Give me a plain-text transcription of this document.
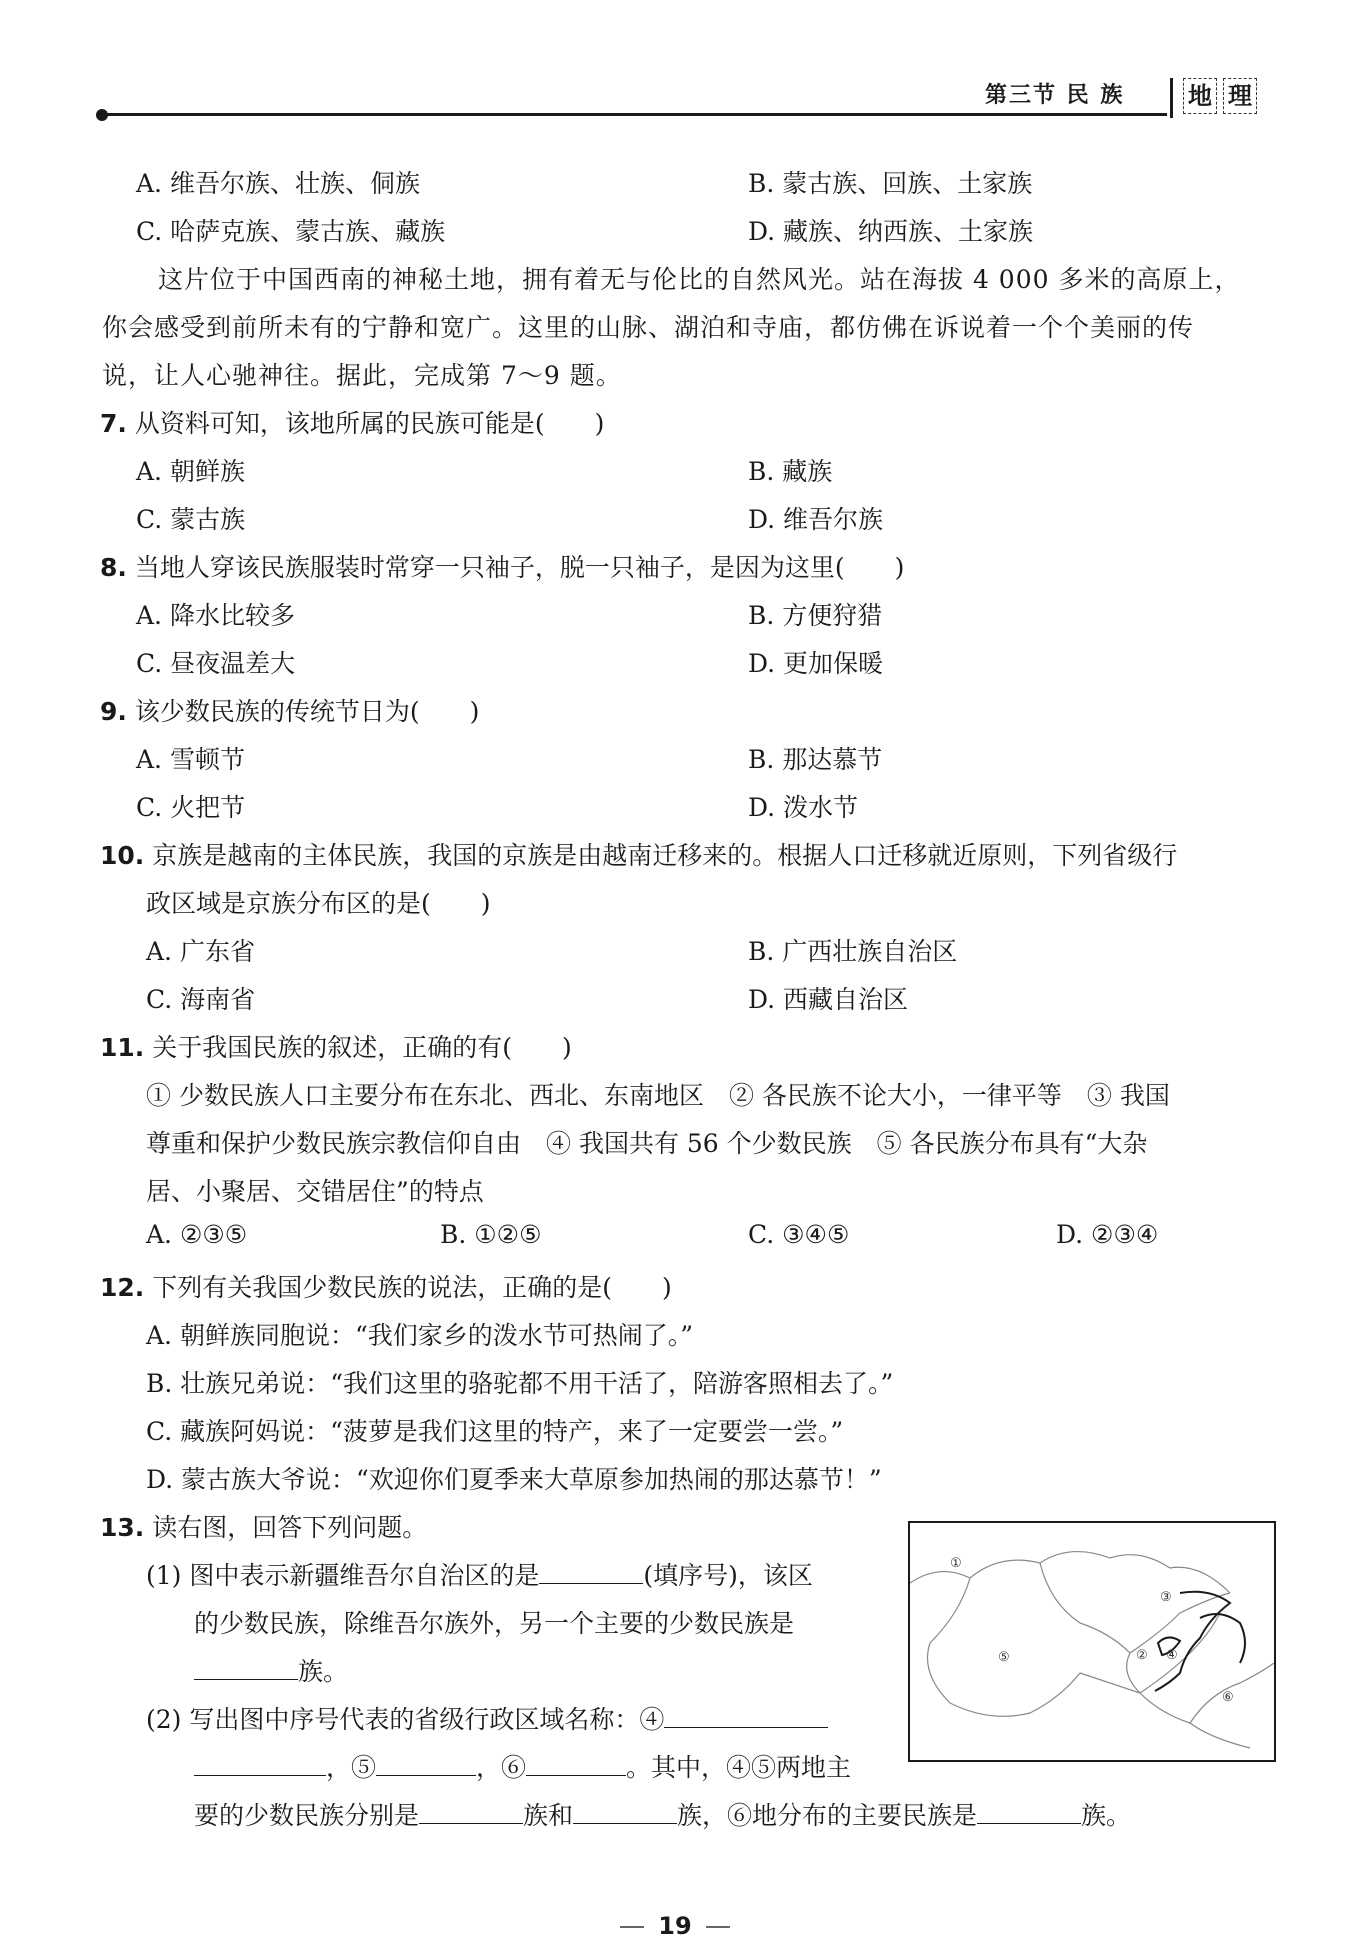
第三节 民 族	地 理
A. 维吾尔族、壮族、侗族	B. 蒙古族、回族、土家族
C. 哈萨克族、蒙古族、藏族	D. 藏族、纳西族、土家族
这片位于中国西南的神秘土地，拥有着无与伦比的自然风光。站在海拔 4 000 多米的高原上，
你会感受到前所未有的宁静和宽广。这里的山脉、湖泊和寺庙，都仿佛在诉说着一个个美丽的传
说，让人心驰神往。据此，完成第 7～9 题。
7. 从资料可知，该地所属的民族可能是(　　)
A. 朝鲜族	B. 藏族
C. 蒙古族	D. 维吾尔族
8. 当地人穿该民族服装时常穿一只袖子，脱一只袖子，是因为这里(　　)
A. 降水比较多	B. 方便狩猎
C. 昼夜温差大	D. 更加保暖
9. 该少数民族的传统节日为(　　)
A. 雪顿节	B. 那达慕节
C. 火把节	D. 泼水节
10. 京族是越南的主体民族，我国的京族是由越南迁移来的。根据人口迁移就近原则，下列省级行
政区域是京族分布区的是(　　)
A. 广东省	B. 广西壮族自治区
C. 海南省	D. 西藏自治区
11. 关于我国民族的叙述，正确的有(　　)
① 少数民族人口主要分布在东北、西北、东南地区　② 各民族不论大小，一律平等　③ 我国
尊重和保护少数民族宗教信仰自由　④ 我国共有 56 个少数民族　⑤ 各民族分布具有“大杂
居、小聚居、交错居住”的特点
A. ②③⑤	B. ①②⑤	C. ③④⑤	D. ②③④
12. 下列有关我国少数民族的说法，正确的是(　　)
A. 朝鲜族同胞说：“我们家乡的泼水节可热闹了。”
B. 壮族兄弟说：“我们这里的骆驼都不用干活了，陪游客照相去了。”
C. 藏族阿妈说：“菠萝是我们这里的特产，来了一定要尝一尝。”
D. 蒙古族大爷说：“欢迎你们夏季来大草原参加热闹的那达慕节！”
13. 读右图，回答下列问题。
(1) 图中表示新疆维吾尔自治区的是	(填序号)，该区
的少数民族，除维吾尔族外，另一个主要的少数民族是
族。
(2) 写出图中序号代表的省级行政区域名称：④
，⑤	，⑥	。其中，④⑤两地主
要的少数民族分别是	族和	族，⑥地分布的主要民族是	族。
①
②
③
④
⑤
⑥
19
